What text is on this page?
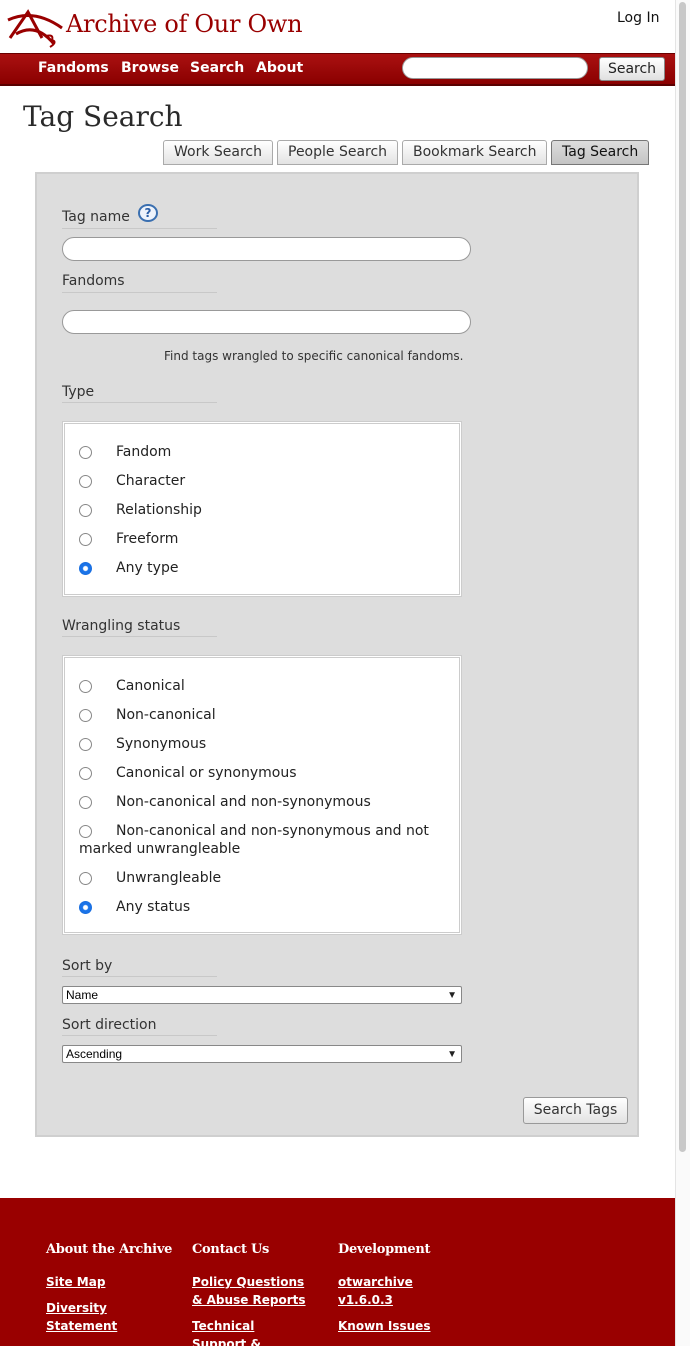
Archive of Our Own	Log In
Fandoms Browse Search About	Search
Tag Search
Work Search	People Search	Bookmark Search	Tag Search
Tag name	?
Fandoms
Find tags wrangled to specific canonical fandoms.
Type
Fandom
Character
Relationship
Freeform
Any type
Wrangling status
Canonical
Non-canonical
Synonymous
Canonical or synonymous
Non-canonical and non-synonymous
Non-canonical and non-synonymous and not marked unwrangleable
Unwrangleable
Any status
Sort by
Name	▼
Sort direction
Ascending	▼
Search Tags
About the Archive Contact Us	Development
Site Map
Diversity Statement
Policy Questions & Abuse Reports
Technical Support & Feedback
otwarchive v1.6.0.3
Known Issues
